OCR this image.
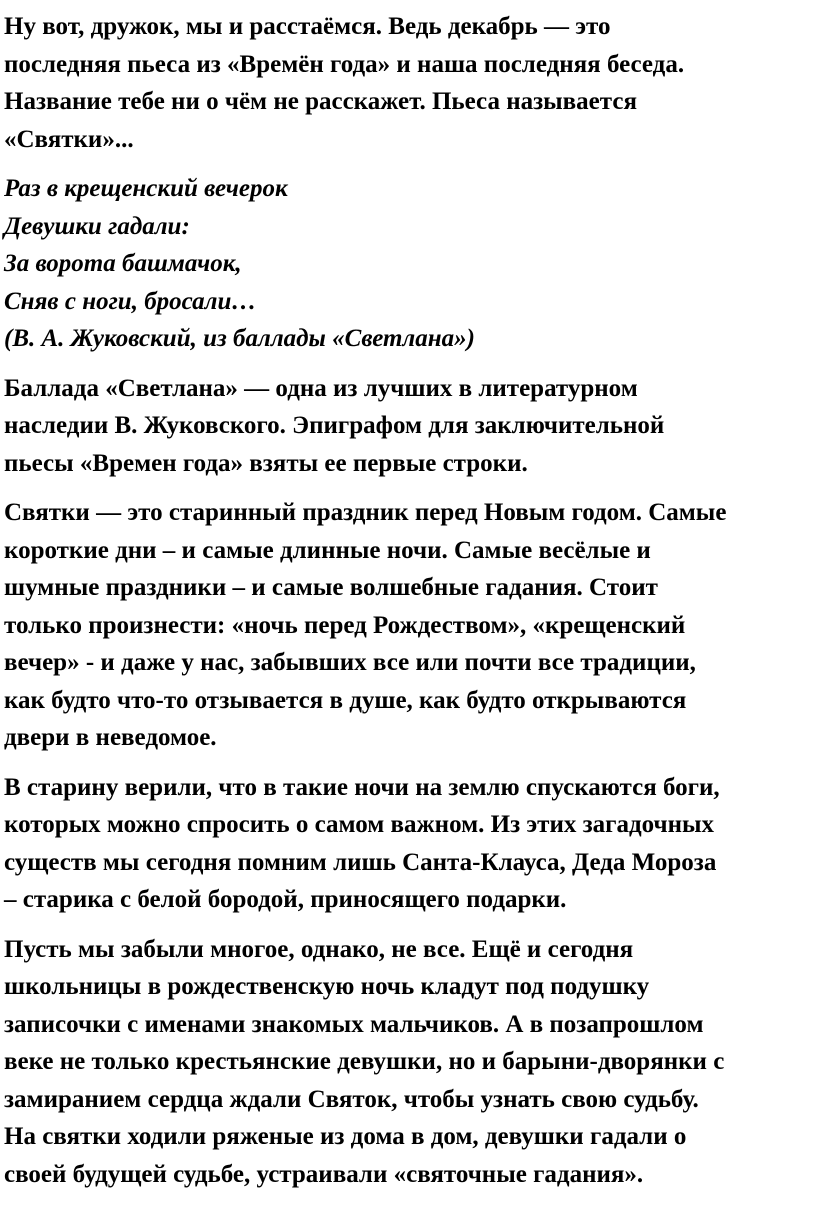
Ну вот, дружок, мы и расстаёмся. Ведь декабрь — это
последняя пьеса из «Времён года» и наша последняя беседа.
Название тебе ни о чём не расскажет. Пьеса называется
«Святки»...

Раз в крещенский вечерок
Девушки гадали:
За ворота башмачок,
Сняв с ноги, бросали…
(В. А. Жуковский, из баллады «Светлана»)

Баллада «Светлана» — одна из лучших в литературном
наследии В. Жуковского. Эпиграфом для заключительной
пьесы «Времен года» взяты ее первые строки.

Святки — это старинный праздник перед Новым годом. Самые
короткие дни – и самые длинные ночи. Самые весёлые и
шумные праздники – и самые волшебные гадания. Стоит
только произнести: «ночь перед Рождеством», «крещенский
вечер» - и даже у нас, забывших все или почти все традиции,
как будто что-то отзывается в душе, как будто открываются
двери в неведомое.

В старину верили, что в такие ночи на землю спускаются боги,
которых можно спросить о самом важном. Из этих загадочных
существ мы сегодня помним лишь Санта-Клауса, Деда Мороза
– старика с белой бородой, приносящего подарки.

Пусть мы забыли многое, однако, не все. Ещё и сегодня
школьницы в рождественскую ночь кладут под подушку
записочки с именами знакомых мальчиков. А в позапрошлом
веке не только крестьянские девушки, но и барыни-дворянки с
замиранием сердца ждали Святок, чтобы узнать свою судьбу.
На святки ходили ряженые из дома в дом, девушки гадали о
своей будущей судьбе, устраивали «святочные гадания».
